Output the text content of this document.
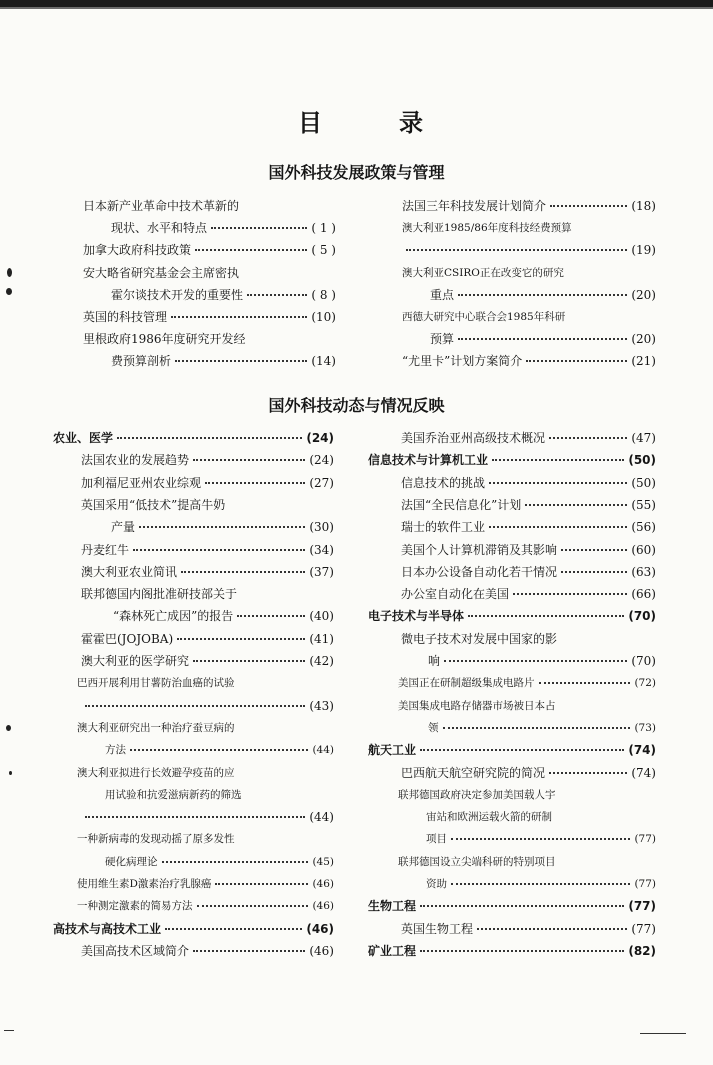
目	录
国外科技发展政策与管理
国外科技动态与情况反映
日本新产业革命中技术革新的
现状、水平和特点	( 1 )
加拿大政府科技政策	( 5 )
安大略省研究基金会主席密执
霍尔谈技术开发的重要性	( 8 )
英国的科技管理	(10)
里根政府1986年度研究开发经
费预算剖析	(14)
法国三年科技发展计划简介	(18)
澳大利亚1985/86年度科技经费预算
(19)
澳大利亚CSIRO正在改变它的研究
重点	(20)
西德大研究中心联合会1985年科研
预算	(20)
“尤里卡”计划方案简介	(21)
农业、医学	(24)
法国农业的发展趋势	(24)
加利福尼亚州农业综观	(27)
英国采用“低技术”提高牛奶
产量	(30)
丹麦红牛	(34)
澳大利亚农业简讯	(37)
联邦德国内阁批准研技部关于
“森林死亡成因”的报告	(40)
霍霍巴(JOJOBA)	(41)
澳大利亚的医学研究	(42)
巴西开展利用甘薯防治血癌的试验
(43)
澳大利亚研究出一种治疗蚕豆病的
方法	(44)
澳大利亚拟进行长效避孕疫苗的应
用试验和抗爱滋病新药的筛选
(44)
一种新病毒的发现动摇了原多发性
硬化病理论	(45)
使用维生素D激素治疗乳腺癌	(46)
一种测定激素的简易方法	(46)
高技术与高技术工业	(46)
美国高技术区域简介	(46)
美国乔治亚州高级技术概况	(47)
信息技术与计算机工业	(50)
信息技术的挑战	(50)
法国“全民信息化”计划	(55)
瑞士的软件工业	(56)
美国个人计算机滞销及其影响	(60)
日本办公设备自动化若干情况	(63)
办公室自动化在美国	(66)
电子技术与半导体	(70)
微电子技术对发展中国家的影
响	(70)
美国正在研制超级集成电路片	(72)
美国集成电路存储器市场被日本占
领	(73)
航天工业	(74)
巴西航天航空研究院的简况	(74)
联邦德国政府决定参加美国载人宇
宙站和欧洲运载火箭的研制
项目	(77)
联邦德国设立尖端科研的特别项目
资助	(77)
生物工程	(77)
英国生物工程	(77)
矿业工程	(82)
